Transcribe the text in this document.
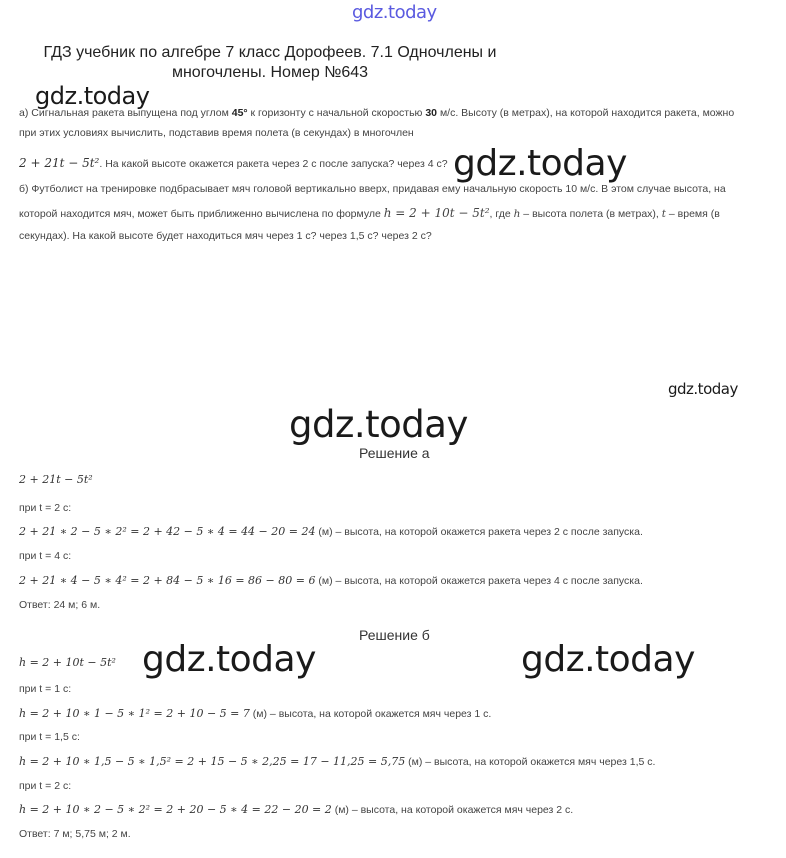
gdz.today
gdz.today
gdz.today
gdz.today
gdz.today
gdz.today	gdz.today
ГДЗ учебник по алгебре 7 класс Дорофеев. 7.1 Одночлены и
многочлены. Номер №643
а) Сигнальная ракета выпущена под углом 45° к горизонту с начальной скоростью 30 м/с. Высоту (в метрах), на которой находится ракета, можно
при этих условиях вычислить, подставив время полета (в секундах) в многочлен
2 + 21t − 5t². На какой высоте окажется ракета через 2 с после запуска? через 4 с?
б) Футболист на тренировке подбрасывает мяч головой вертикально вверх, придавая ему начальную скорость 10 м/с. В этом случае высота, на
которой находится мяч, может быть приближенно вычислена по формуле h = 2 + 10t − 5t², где h – высота полета (в метрах), t – время (в
секундах). На какой высоте будет находиться мяч через 1 с? через 1,5 с? через 2 с?
Решение а
2 + 21t − 5t²
при t = 2 с:
2 + 21 ∗ 2 − 5 ∗ 2² = 2 + 42 − 5 ∗ 4 = 44 − 20 = 24 (м) – высота, на которой окажется ракета через 2 с после запуска.
при t = 4 с:
2 + 21 ∗ 4 − 5 ∗ 4² = 2 + 84 − 5 ∗ 16 = 86 − 80 = 6 (м) – высота, на которой окажется ракета через 4 с после запуска.
Ответ: 24 м; 6 м.
Решение б
h = 2 + 10t − 5t²
при t = 1 с:
h = 2 + 10 ∗ 1 − 5 ∗ 1² = 2 + 10 − 5 = 7 (м) – высота, на которой окажется мяч через 1 с.
при t = 1,5 с:
h = 2 + 10 ∗ 1,5 − 5 ∗ 1,5² = 2 + 15 − 5 ∗ 2,25 = 17 − 11,25 = 5,75 (м) – высота, на которой окажется мяч через 1,5 с.
при t = 2 с:
h = 2 + 10 ∗ 2 − 5 ∗ 2² = 2 + 20 − 5 ∗ 4 = 22 − 20 = 2 (м) – высота, на которой окажется мяч через 2 с.
Ответ: 7 м; 5,75 м; 2 м.
